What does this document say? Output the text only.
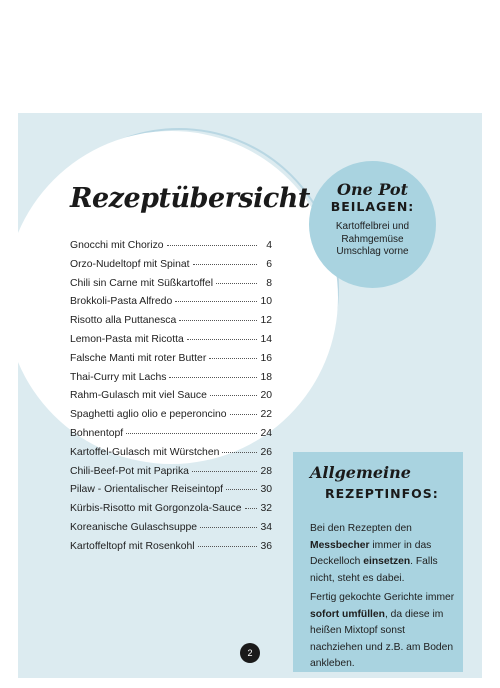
Rezeptübersicht
Gnocchi mit Chorizo	4
Orzo-Nudeltopf mit Spinat	6
Chili sin Carne mit Süßkartoffel	8
Brokkoli-Pasta Alfredo	10
Risotto alla Puttanesca	12
Lemon-Pasta mit Ricotta	14
Falsche Manti mit roter Butter	16
Thai-Curry mit Lachs	18
Rahm-Gulasch mit viel Sauce	20
Spaghetti aglio olio e peperoncino	22
Bohnentopf	24
Kartoffel-Gulasch mit Würstchen	26
Chili-Beef-Pot mit Paprika	28
Pilaw - Orientalischer Reiseintopf	30
Kürbis-Risotto mit Gorgonzola-Sauce 32
Koreanische Gulaschsuppe	34
Kartoffeltopf mit Rosenkohl	36
One Pot
BEILAGEN:
Kartoffelbrei und
Rahmgemüse
Umschlag vorne
Allgemeine
REZEPTINFOS:

Bei den Rezepten den Messbecher immer in das Deckelloch einsetzen. Falls nicht, steht es dabei.

Fertig gekochte Gerichte immer sofort umfüllen, da diese im heißen Mixtopf sonst nachziehen und z.B. am Boden ankleben.

2
